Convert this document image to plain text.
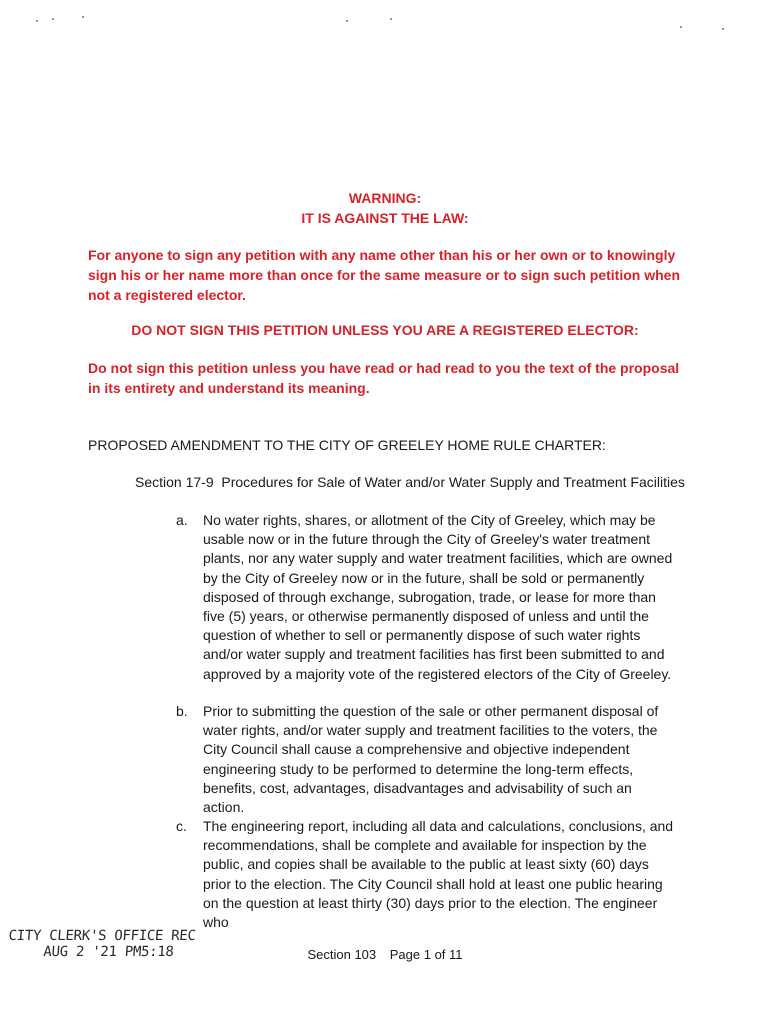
WARNING:
IT IS AGAINST THE LAW:
For anyone to sign any petition with any name other than his or her own or to knowingly sign his or her name more than once for the same measure or to sign such petition when not a registered elector.
DO NOT SIGN THIS PETITION UNLESS YOU ARE A REGISTERED ELECTOR:
Do not sign this petition unless you have read or had read to you the text of the proposal in its entirety and understand its meaning.
PROPOSED AMENDMENT TO THE CITY OF GREELEY HOME RULE CHARTER:
Section 17-9  Procedures for Sale of Water and/or Water Supply and Treatment Facilities
a.	No water rights, shares, or allotment of the City of Greeley, which may be usable now or in the future through the City of Greeley's water treatment plants, nor any water supply and water treatment facilities, which are owned by the City of Greeley now or in the future, shall be sold or permanently disposed of through exchange, subrogation, trade, or lease for more than five (5) years, or otherwise permanently disposed of unless and until the question of whether to sell or permanently dispose of such water rights and/or water supply and treatment facilities has first been submitted to and approved by a majority vote of the registered electors of the City of Greeley.
b.	Prior to submitting the question of the sale or other permanent disposal of water rights, and/or water supply and treatment facilities to the voters, the City Council shall cause a comprehensive and objective independent engineering study to be performed to determine the long-term effects, benefits, cost, advantages, disadvantages and advisability of such an action.
c.	The engineering report, including all data and calculations, conclusions, and recommendations, shall be complete and available for inspection by the public, and copies shall be available to the public at least sixty (60) days prior to the election. The City Council shall hold at least one public hearing on the question at least thirty (30) days prior to the election. The engineer who
CITY CLERK'S OFFICE REC
AUG 2 '21 PM5:18	Section 103 Page 1 of 11
